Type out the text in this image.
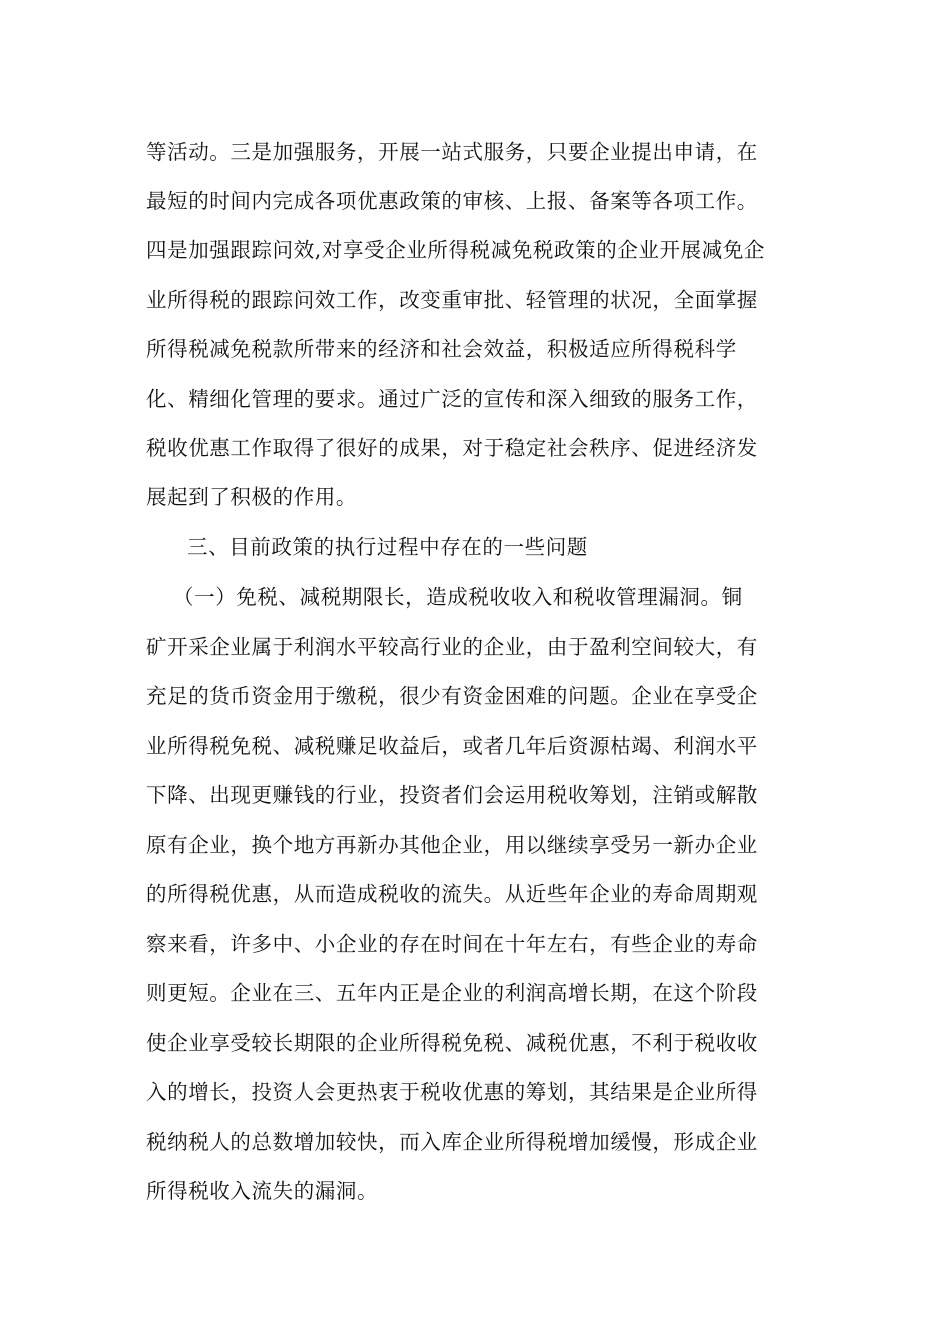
等活动。三是加强服务，开展一站式服务，只要企业提出申请，在
最短的时间内完成各项优惠政策的审核、上报、备案等各项工作。
四是加强跟踪问效,对享受企业所得税减免税政策的企业开展减免企
业所得税的跟踪问效工作，改变重审批、轻管理的状况，全面掌握
所得税减免税款所带来的经济和社会效益，积极适应所得税科学
化、精细化管理的要求。通过广泛的宣传和深入细致的服务工作，
税收优惠工作取得了很好的成果，对于稳定社会秩序、促进经济发
展起到了积极的作用。
三、目前政策的执行过程中存在的一些问题
（一）免税、减税期限长，造成税收收入和税收管理漏洞。铜
矿开采企业属于利润水平较高行业的企业，由于盈利空间较大，有
充足的货币资金用于缴税，很少有资金困难的问题。企业在享受企
业所得税免税、减税赚足收益后，或者几年后资源枯竭、利润水平
下降、出现更赚钱的行业，投资者们会运用税收筹划，注销或解散
原有企业，换个地方再新办其他企业，用以继续享受另一新办企业
的所得税优惠，从而造成税收的流失。从近些年企业的寿命周期观
察来看，许多中、小企业的存在时间在十年左右，有些企业的寿命
则更短。企业在三、五年内正是企业的利润高增长期，在这个阶段
使企业享受较长期限的企业所得税免税、减税优惠，不利于税收收
入的增长，投资人会更热衷于税收优惠的筹划，其结果是企业所得
税纳税人的总数增加较快，而入库企业所得税增加缓慢，形成企业
所得税收入流失的漏洞。
